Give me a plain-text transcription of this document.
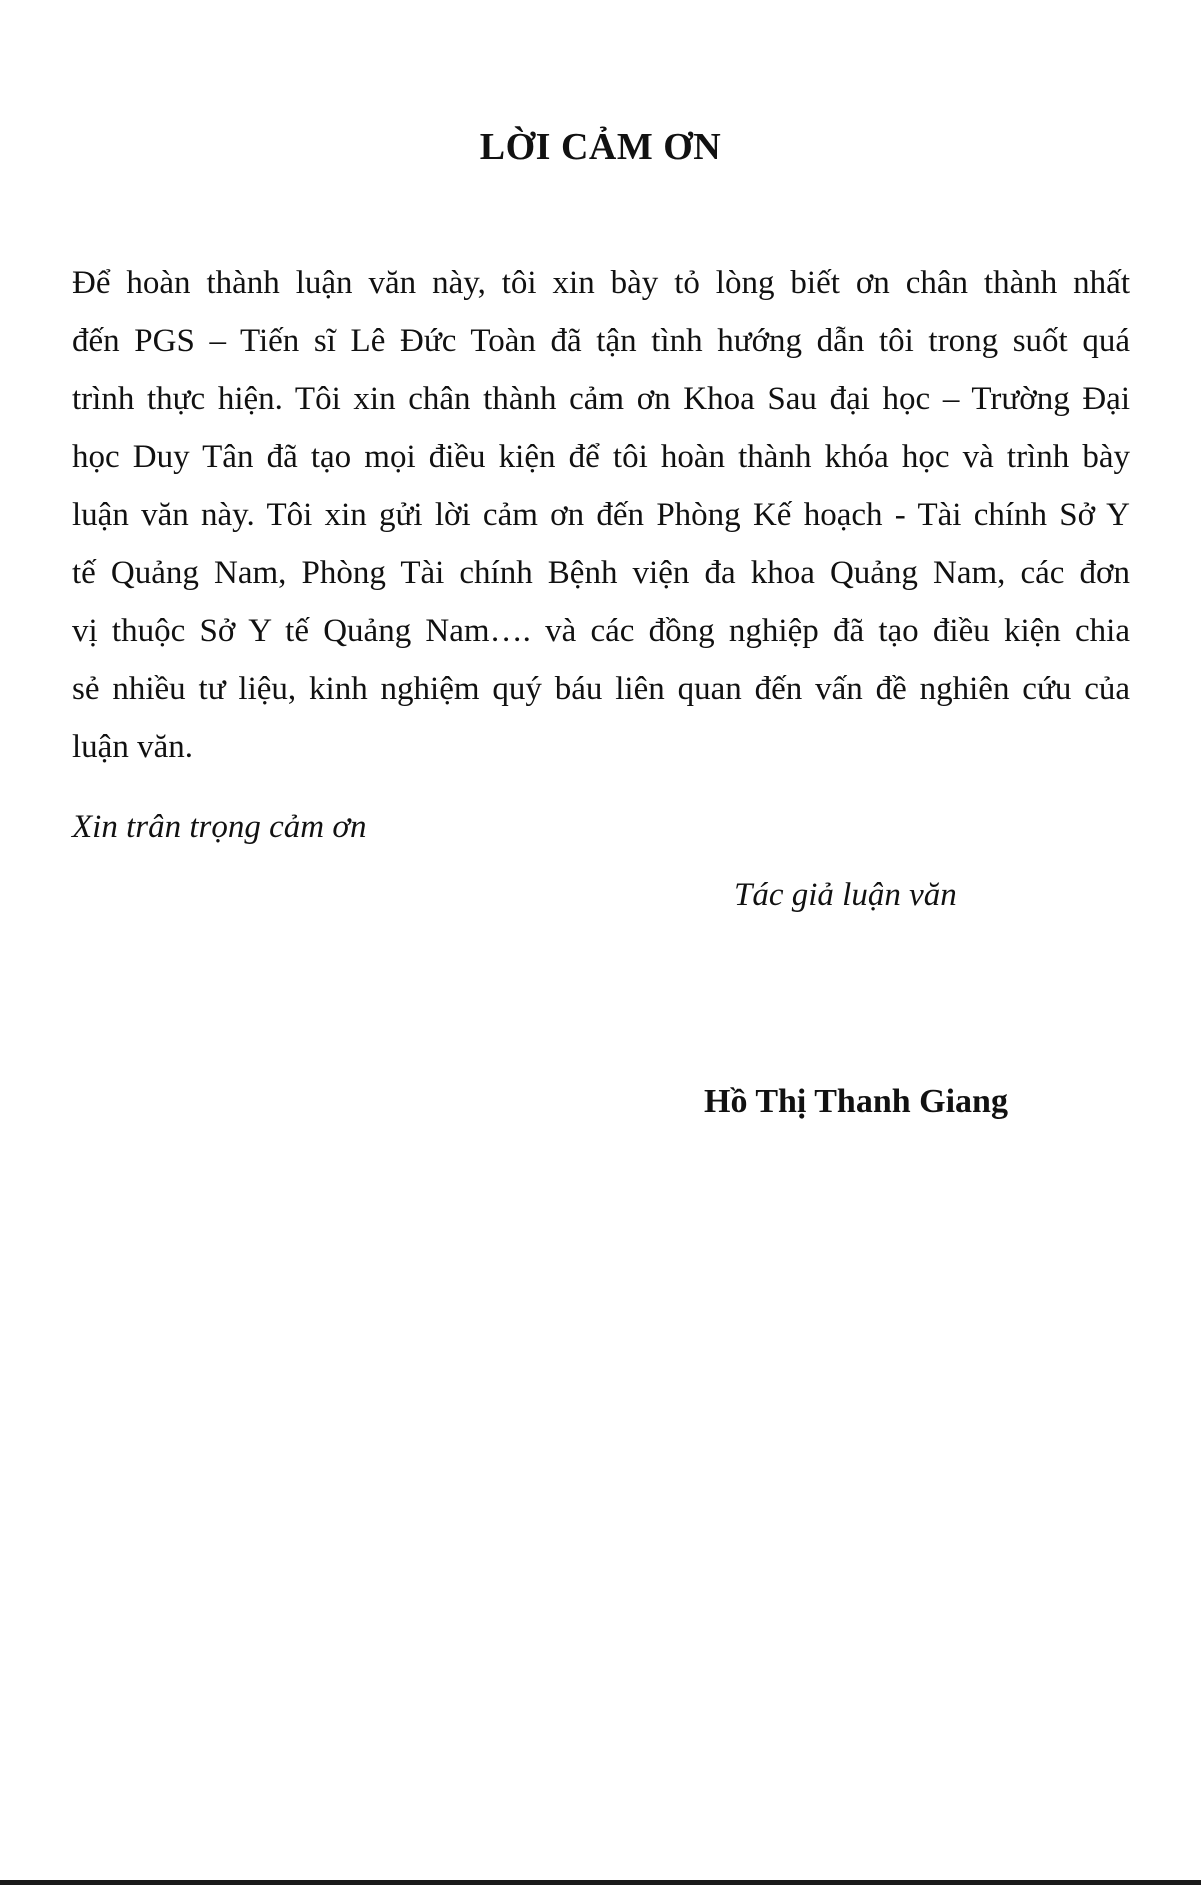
LỜI CẢM ƠN
Để hoàn thành luận văn này, tôi xin bày tỏ lòng biết ơn chân thành nhất
đến PGS – Tiến sĩ Lê Đức Toàn đã tận tình hướng dẫn tôi trong suốt quá
trình thực hiện. Tôi xin chân thành cảm ơn Khoa Sau đại học – Trường Đại
học Duy Tân đã tạo mọi điều kiện để tôi hoàn thành khóa học và trình bày
luận văn này. Tôi xin gửi lời cảm ơn đến Phòng Kế hoạch - Tài chính Sở Y
tế Quảng Nam, Phòng Tài chính Bệnh viện đa khoa Quảng Nam, các đơn
vị thuộc Sở Y tế Quảng Nam…. và các đồng nghiệp đã tạo điều kiện chia
sẻ nhiều tư liệu, kinh nghiệm quý báu liên quan đến vấn đề nghiên cứu của
luận văn.
Xin trân trọng cảm ơn
Tác giả luận văn
Hồ Thị Thanh Giang
